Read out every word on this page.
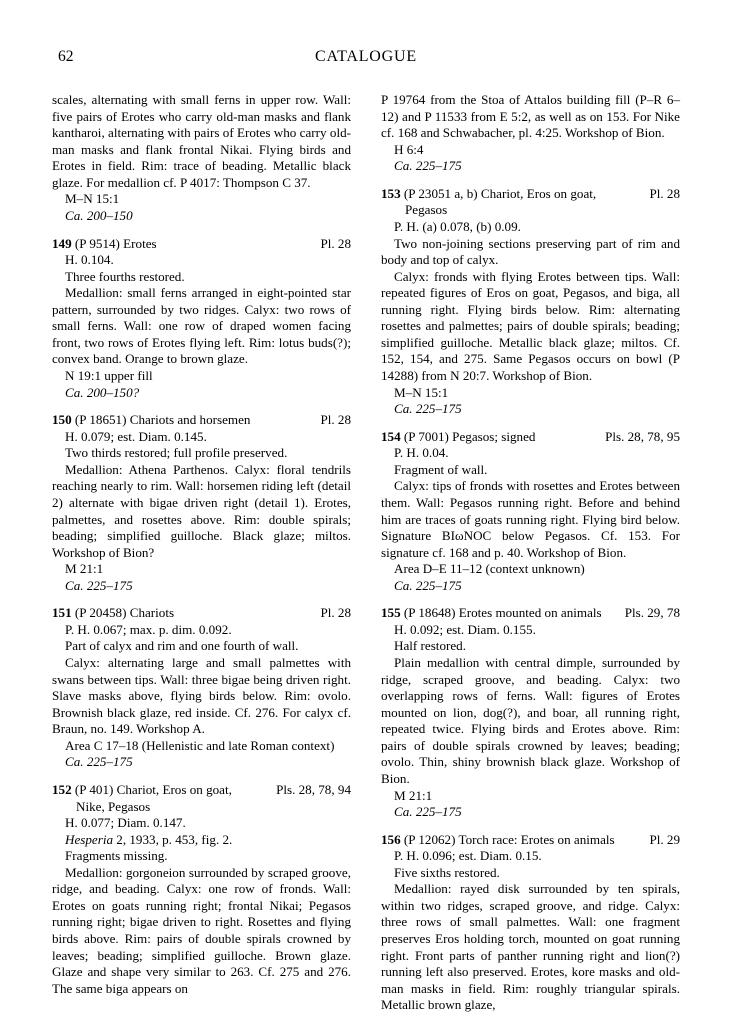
62	CATALOGUE

scales, alternating with small ferns in upper row. Wall: five pairs of Erotes who carry old-man masks and flank kantharoi, alternating with pairs of Erotes who carry old-man masks and flank frontal Nikai. Flying birds and Erotes in field. Rim: trace of beading. Metallic black glaze. For medallion cf. P 4017: Thompson C 37.

M–N 15:1

Ca. 200–150

Pl. 28
149 (P 9514) Erotes

H. 0.104.

Three fourths restored.

Medallion: small ferns arranged in eight-pointed star pattern, surrounded by two ridges. Calyx: two rows of small ferns. Wall: one row of draped women facing front, two rows of Erotes flying left. Rim: lotus buds(?); convex band. Orange to brown glaze.

N 19:1 upper fill

Ca. 200–150?

Pl. 28
150 (P 18651) Chariots and horsemen

H. 0.079; est. Diam. 0.145.

Two thirds restored; full profile preserved.

Medallion: Athena Parthenos. Calyx: floral tendrils reaching nearly to rim. Wall: horsemen riding left (detail 2) alternate with bigae driven right (detail 1). Erotes, palmettes, and rosettes above. Rim: double spirals; beading; simplified guilloche. Black glaze; miltos. Workshop of Bion?

M 21:1

Ca. 225–175

Pl. 28
151 (P 20458) Chariots

P. H. 0.067; max. p. dim. 0.092.

Part of calyx and rim and one fourth of wall.

Calyx: alternating large and small palmettes with swans between tips. Wall: three bigae being driven right. Slave masks above, flying birds below. Rim: ovolo. Brownish black glaze, red inside. Cf. 276. For calyx cf. Braun, no. 149. Workshop A.

Area C 17–18 (Hellenistic and late Roman context)

Ca. 225–175

Pls. 28, 78, 94
152 (P 401) Chariot, Eros on goat,

Nike, Pegasos

H. 0.077; Diam. 0.147.

Hesperia 2, 1933, p. 453, fig. 2.

Fragments missing.

Medallion: gorgoneion surrounded by scraped groove, ridge, and beading. Calyx: one row of fronds. Wall: Erotes on goats running right; frontal Nikai; Pegasos running right; bigae driven to right. Rosettes and flying birds above. Rim: pairs of double spirals crowned by leaves; beading; simplified guilloche. Brown glaze. Glaze and shape very similar to 263. Cf. 275 and 276. The same biga appears on

P 19764 from the Stoa of Attalos building fill (P–R 6–12) and P 11533 from E 5:2, as well as on 153. For Nike cf. 168 and Schwabacher, pl. 4:25. Workshop of Bion.

H 6:4

Ca. 225–175

Pl. 28
153 (P 23051 a, b) Chariot, Eros on goat,

Pegasos

P. H. (a) 0.078, (b) 0.09.

Two non-joining sections preserving part of rim and body and top of calyx.

Calyx: fronds with flying Erotes between tips. Wall: repeated figures of Eros on goat, Pegasos, and biga, all running right. Flying birds below. Rim: alternating rosettes and palmettes; pairs of double spirals; beading; simplified guilloche. Metallic black glaze; miltos. Cf. 152, 154, and 275. Same Pegasos occurs on bowl (P 14288) from N 20:7. Workshop of Bion.

M–N 15:1

Ca. 225–175

Pls. 28, 78, 95
154 (P 7001) Pegasos; signed

P. H. 0.04.

Fragment of wall.

Calyx: tips of fronds with rosettes and Erotes between them. Wall: Pegasos running right. Before and behind him are traces of goats running right. Flying bird below. Signature BIωNOC below Pegasos. Cf. 153. For signature cf. 168 and p. 40. Workshop of Bion.

Area D–E 11–12 (context unknown)

Ca. 225–175

Pls. 29, 78
155 (P 18648) Erotes mounted on animals

H. 0.092; est. Diam. 0.155.

Half restored.

Plain medallion with central dimple, surrounded by ridge, scraped groove, and beading. Calyx: two overlapping rows of ferns. Wall: figures of Erotes mounted on lion, dog(?), and boar, all running right, repeated twice. Flying birds and Erotes above. Rim: pairs of double spirals crowned by leaves; beading; ovolo. Thin, shiny brownish black glaze. Workshop of Bion.

M 21:1

Ca. 225–175

Pl. 29
156 (P 12062) Torch race: Erotes on animals

P. H. 0.096; est. Diam. 0.15.

Five sixths restored.

Medallion: rayed disk surrounded by ten spirals, within two ridges, scraped groove, and ridge. Calyx: three rows of small palmettes. Wall: one fragment preserves Eros holding torch, mounted on goat running right. Front parts of panther running right and lion(?) running left also preserved. Erotes, kore masks and old-man masks in field. Rim: roughly triangular spirals. Metallic brown glaze,
